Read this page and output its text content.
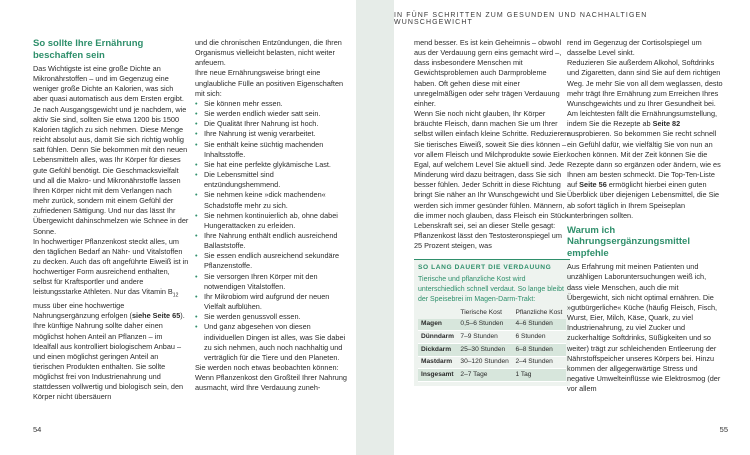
So sollte Ihre Ernährung beschaffen sein

Das Wichtigste ist eine große Dichte an Mikronährstoffen – und im Gegenzug eine weniger große Dichte an Kalorien, was sich aber quasi automatisch aus dem Ersten ergibt. Je nach Ausgangsgewicht und je nachdem, wie aktiv Sie sind, sollten Sie etwa 1200 bis 1500 Kalorien täglich zu sich nehmen. Diese Menge reicht absolut aus, damit Sie sich richtig wohlig satt fühlen. Denn Sie bekommen mit den neuen Lebensmitteln alles, was Ihr Körper für dieses gute Gefühl benötigt. Die Geschmacksvielfalt und all die Makro- und Mikronährstoffe lassen Ihren Körper nicht mit dem Verlangen nach mehr zurück, sondern mit einem Gefühl der zufriedenen Sättigung. Und nur das lässt Ihr Übergewicht dahinschmelzen wie Schnee in der Sonne.

In hochwertiger Pflanzenkost steckt alles, um den täglichen Bedarf an Nähr- und Vitalstoffen zu decken. Auch das oft angeführte Eiweiß ist in hochwertiger Form ausreichend enthalten, selbst für Kraftsportler und andere leistungsstarke Athleten. Nur das Vitamin $B_{12}$ muss über eine hochwertige Nahrungsergänzung erfolgen (siehe Seite 65). Ihre künftige Nahrung sollte daher einen möglichst hohen Anteil an Pflanzen – im Idealfall aus kontrolliert biologischem Anbau – und einen möglichst geringen Anteil an tierischen Produkten enthalten. Sie sollte möglichst frei von Industrienahrung und stattdessen vollwertig und biologisch sein, den Körper nicht übersäuern

und die chronischen Entzündungen, die Ihren Organismus vielleicht belasten, nicht weiter anfeuern.

Ihre neue Ernährungsweise bringt eine unglaubliche Fülle an positiven Eigenschaften mit sich:

• Sie können mehr essen.
• Sie werden endlich wieder satt sein.
• Die Qualität Ihrer Nahrung ist hoch.
• Ihre Nahrung ist wenig verarbeitet.
• Sie enthält keine süchtig machenden Inhaltsstoffe.
• Sie hat eine perfekte glykämische Last.
• Die Lebensmittel sind entzündungshemmend.
• Sie nehmen keine »dick machenden« Schadstoffe mehr zu sich.
• Sie nehmen kontinuierlich ab, ohne dabei Hungerattacken zu erleiden.
• Ihre Nahrung enthält endlich ausreichend Ballaststoffe.
• Sie essen endlich ausreichend sekundäre Pflanzenstoffe.
• Sie versorgen Ihren Körper mit den notwendigen Vitalstoffen.
• Ihr Mikrobiom wird aufgrund der neuen Vielfalt aufblühen.
• Sie werden genussvoll essen.
• Und ganz abgesehen von diesen individuellen Dingen ist alles, was Sie dabei zu sich nehmen, auch noch nachhaltig und verträglich für die Tiere und den Planeten.

Sie werden noch etwas beobachten können: Wenn Pflanzenkost den Großteil Ihrer Nahrung ausmacht, wird Ihre Verdauung zuneh-

54
IN FÜNF SCHRITTEN ZUM GESUNDEN UND NACHHALTIGEN WUNSCHGEWICHT

mend besser. Es ist kein Geheimnis – obwohl aus der Verdauung gern eins gemacht wird –, dass insbesondere Menschen mit Gewichtsproblemen auch Darmprobleme haben. Oft gehen diese mit einer unregelmäßigen oder sehr trägen Verdauung einher.

Wenn Sie noch nicht glauben, Ihr Körper bräuchte Fleisch, dann machen Sie um Ihrer selbst willen einfach kleine Schritte. Reduzieren Sie tierisches Eiweiß, soweit Sie dies können – vor allem Fleisch und Milchprodukte sowie Eier. Egal, auf welchem Level Sie aktuell sind. Jede Minderung wird dazu beitragen, dass Sie sich besser fühlen. Jeder Schritt in diese Richtung bringt Sie näher an Ihr Wunschgewicht und Sie werden sich immer gesünder fühlen. Männern, die immer noch glauben, dass Fleisch ein Stück Lebenskraft sei, sei an dieser Stelle gesagt: Pflanzenkost lässt den Testosteronspiegel um 25 Prozent steigen, was

SO LANG DAUERT DIE VERDAUUNG
Tierische und pflanzliche Kost wird unterschiedlich schnell verdaut. So lange bleibt der Speisebrei im Magen-Darm-Trakt:
	Tierische Kost	Pflanzliche Kost
Magen	0,5–6 Stunden	4–6 Stunden
Dünndarm	7–9 Stunden	6 Stunden
Dickdarm	25–30 Stunden	6–8 Stunden
Mastdarm	30–120 Stunden	2–4 Stunden
Insgesamt	2–7 Tage	1 Tag

rend im Gegenzug der Cortisolspiegel um dasselbe Level sinkt.

Reduzieren Sie außerdem Alkohol, Softdrinks und Zigaretten, dann sind Sie auf dem richtigen Weg. Je mehr Sie von all dem weglassen, desto mehr trägt Ihre Ernährung zum Erreichen Ihres Wunschgewichts und zu Ihrer Gesundheit bei.

Am leichtesten fällt die Ernährungsumstellung, indem Sie die Rezepte ab Seite 82 ausprobieren. So bekommen Sie recht schnell ein Gefühl dafür, wie vielfältig Sie von nun an kochen können. Mit der Zeit können Sie die Rezepte dann so ergänzen oder ändern, wie es Ihnen am besten schmeckt. Die Top-Ten-Liste auf Seite 56 ermöglicht hierbei einen guten Überblick über diejenigen Lebensmittel, die Sie ab sofort täglich in Ihrem Speiseplan unterbringen sollten.

Warum ich Nahrungsergänzungsmittel empfehle

Aus Erfahrung mit meinen Patienten und unzähligen Laboruntersuchungen weiß ich, dass viele Menschen, auch die mit Übergewicht, sich nicht optimal ernähren. Die »gutbürgerliche« Küche (häufig Fleisch, Fisch, Wurst, Eier, Milch, Käse, Quark, zu viel Industrienahrung, zu viel Zucker und zuckerhaltige Softdrinks, Süßigkeiten und so weiter) trägt zur schleichenden Entleerung der Nährstoffspeicher unseres Körpers bei. Hinzu kommen der allgegenwärtige Stress und negative Umwelteinflüsse wie Elektrosmog (der vor allem

55
